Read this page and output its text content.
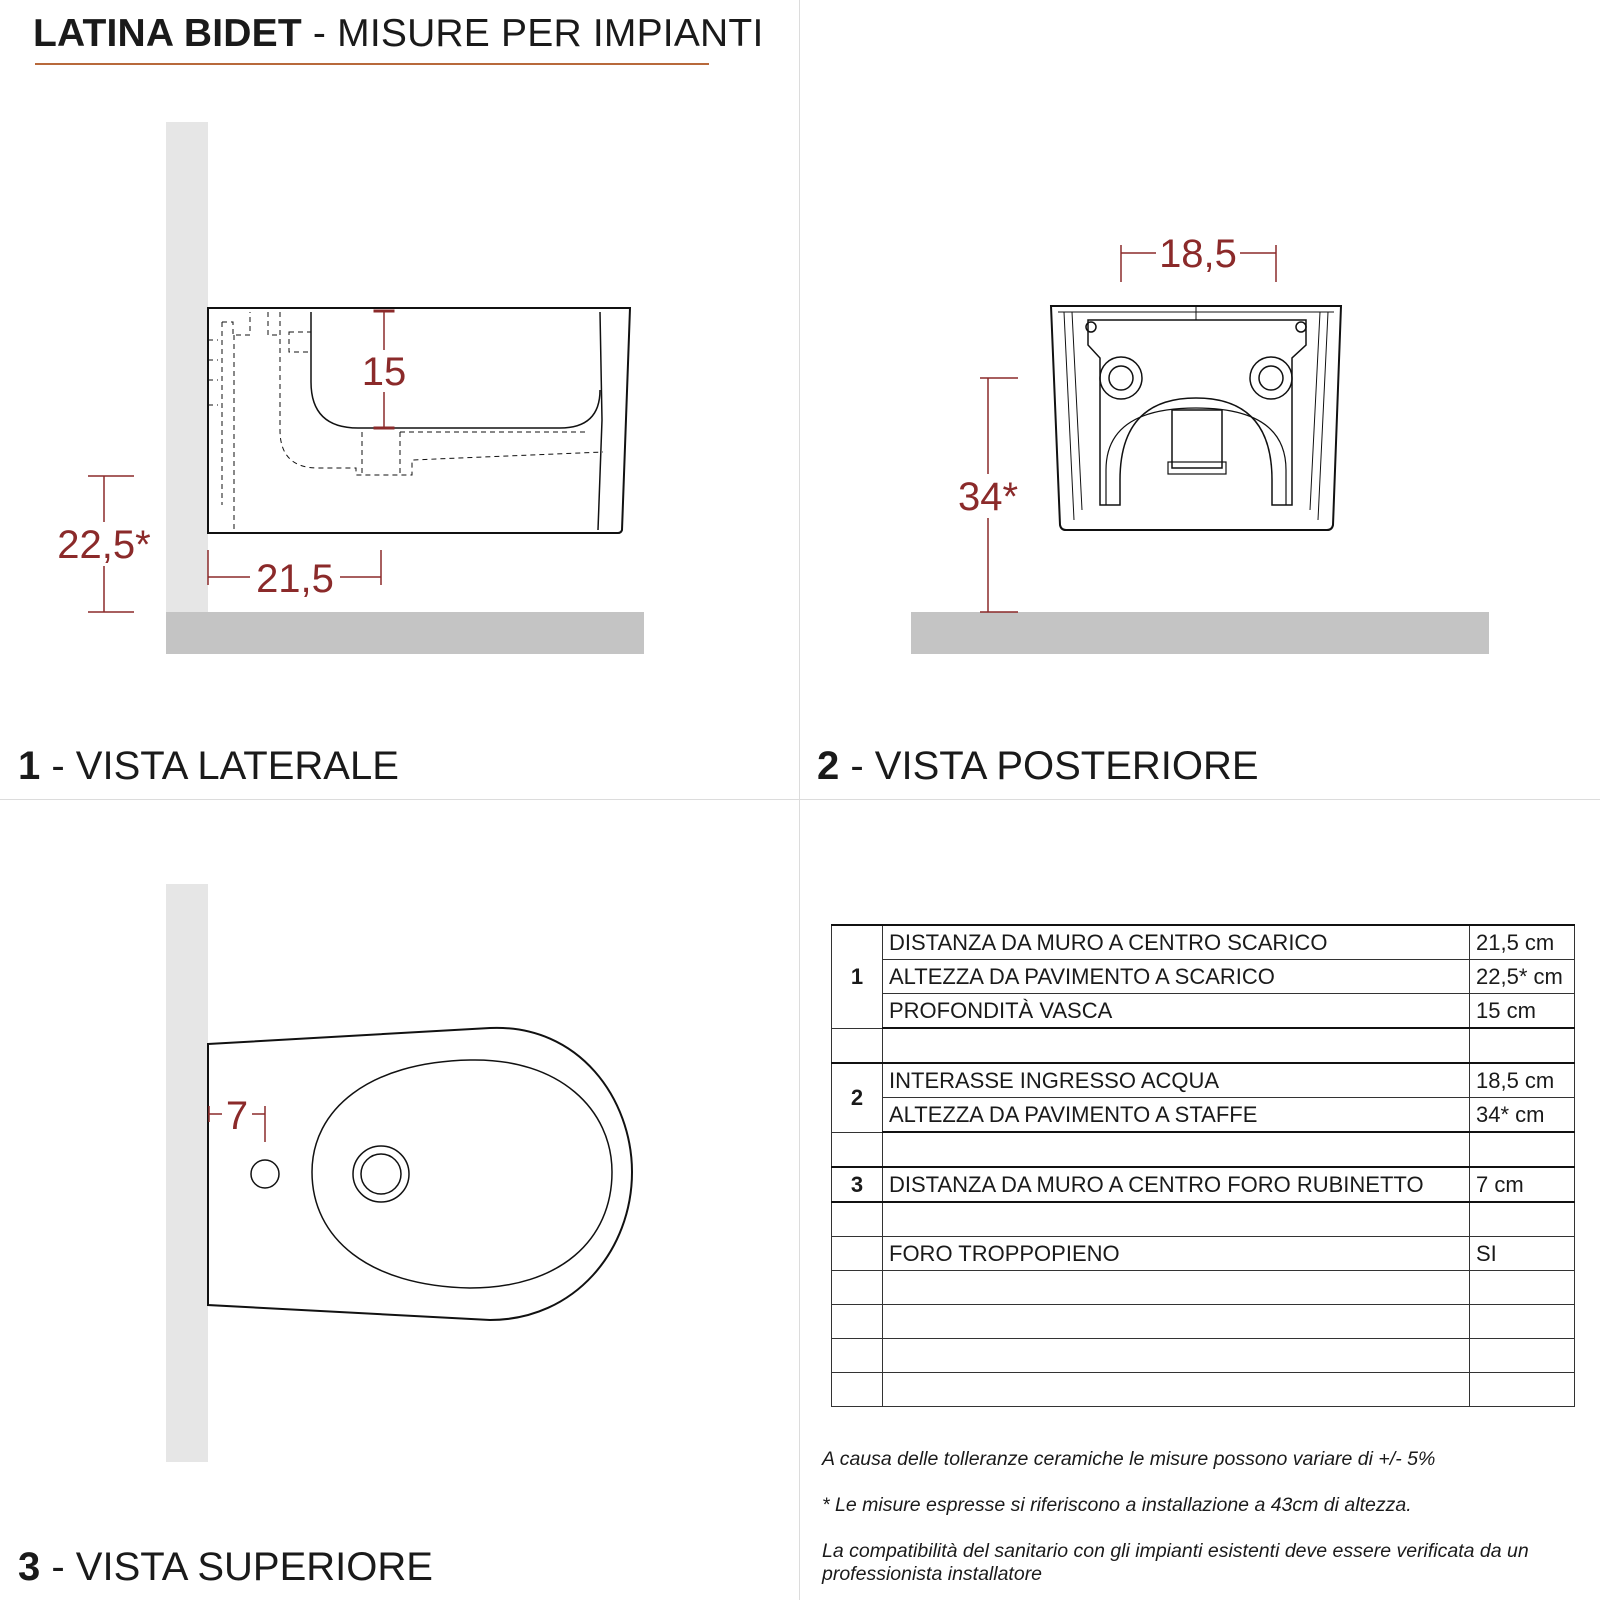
LATINA BIDET - MISURE PER IMPIANTI
15
22,5*
21,5
18,5
34*
7
1 - VISTA LATERALE	2 - VISTA POSTERIORE
3 - VISTA SUPERIORE
1	DISTANZA DA MURO A CENTRO SCARICO	21,5 cm
	ALTEZZA DA PAVIMENTO A SCARICO	22,5* cm
	PROFONDITÀ VASCA	15 cm

2	INTERASSE INGRESSO ACQUA	18,5 cm
	ALTEZZA DA PAVIMENTO A STAFFE	34* cm

3	DISTANZA DA MURO A CENTRO FORO RUBINETTO	7 cm

	FORO TROPPOPIENO	SI

A causa delle tolleranze ceramiche le misure possono variare di +/- 5%

* Le misure espresse si riferiscono a installazione a 43cm di altezza.

La compatibilità del sanitario con gli impianti esistenti deve essere verificata da un professionista installatore
